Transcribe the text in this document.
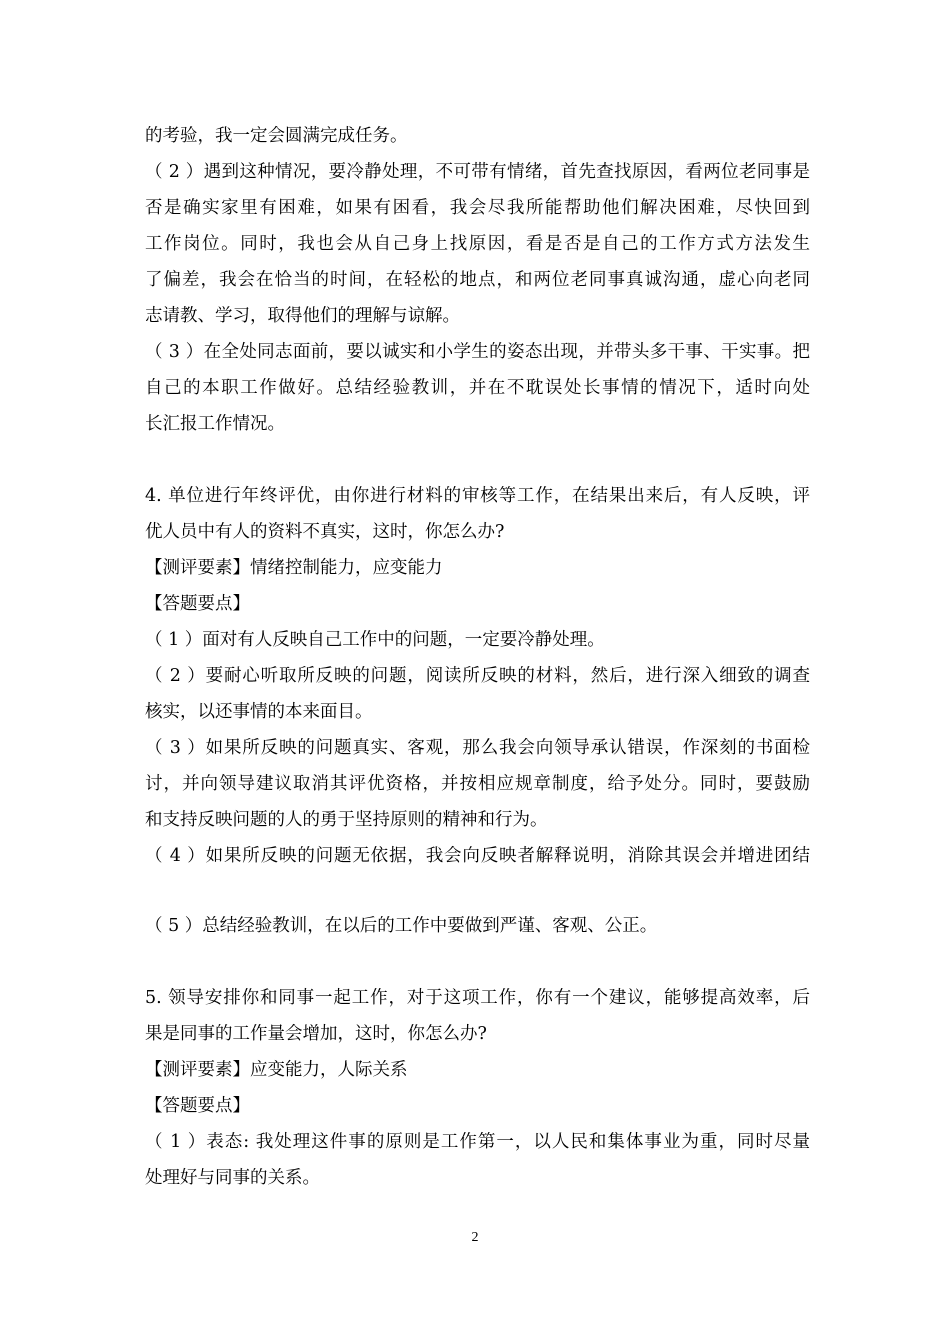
的考验，我一定会圆满完成任务。
（ 2 ）遇到这种情况，要冷静处理，不可带有情绪，首先查找原因，看两位老同事是
否是确实家里有困难，如果有困看，我会尽我所能帮助他们解决困难，尽快回到
工作岗位。同时，我也会从自己身上找原因，看是否是自己的工作方式方法发生
了偏差，我会在恰当的时间，在轻松的地点，和两位老同事真诚沟通，虚心向老同
志请教、学习，取得他们的理解与谅解。
（ 3 ）在全处同志面前，要以诚实和小学生的姿态出现，并带头多干事、干实事。把
自己的本职工作做好。总结经验教训，并在不耽误处长事情的情况下，适时向处
长汇报工作情况。
4. 单位进行年终评优，由你进行材料的审核等工作，在结果出来后，有人反映，评
优人员中有人的资料不真实，这时，你怎么办?
【测评要素】情绪控制能力，应变能力
【答题要点】
（ 1 ）面对有人反映自己工作中的问题，一定要冷静处理。
（ 2 ）要耐心听取所反映的问题，阅读所反映的材料，然后，进行深入细致的调查
核实，以还事情的本来面目。
（ 3 ）如果所反映的问题真实、客观，那么我会向领导承认错误，作深刻的书面检
讨，并向领导建议取消其评优资格，并按相应规章制度，给予处分。同时，要鼓励
和支持反映问题的人的勇于坚持原则的精神和行为。
（ 4 ）如果所反映的问题无依据，我会向反映者解释说明，消除其误会并增进团结
（ 5 ）总结经验教训，在以后的工作中要做到严谨、客观、公正。
5. 领导安排你和同事一起工作，对于这项工作，你有一个建议，能够提高效率，后
果是同事的工作量会增加，这时，你怎么办?
【测评要素】应变能力，人际关系
【答题要点】
（ 1 ）表态: 我处理这件事的原则是工作第一，以人民和集体事业为重，同时尽量
处理好与同事的关系。
2
